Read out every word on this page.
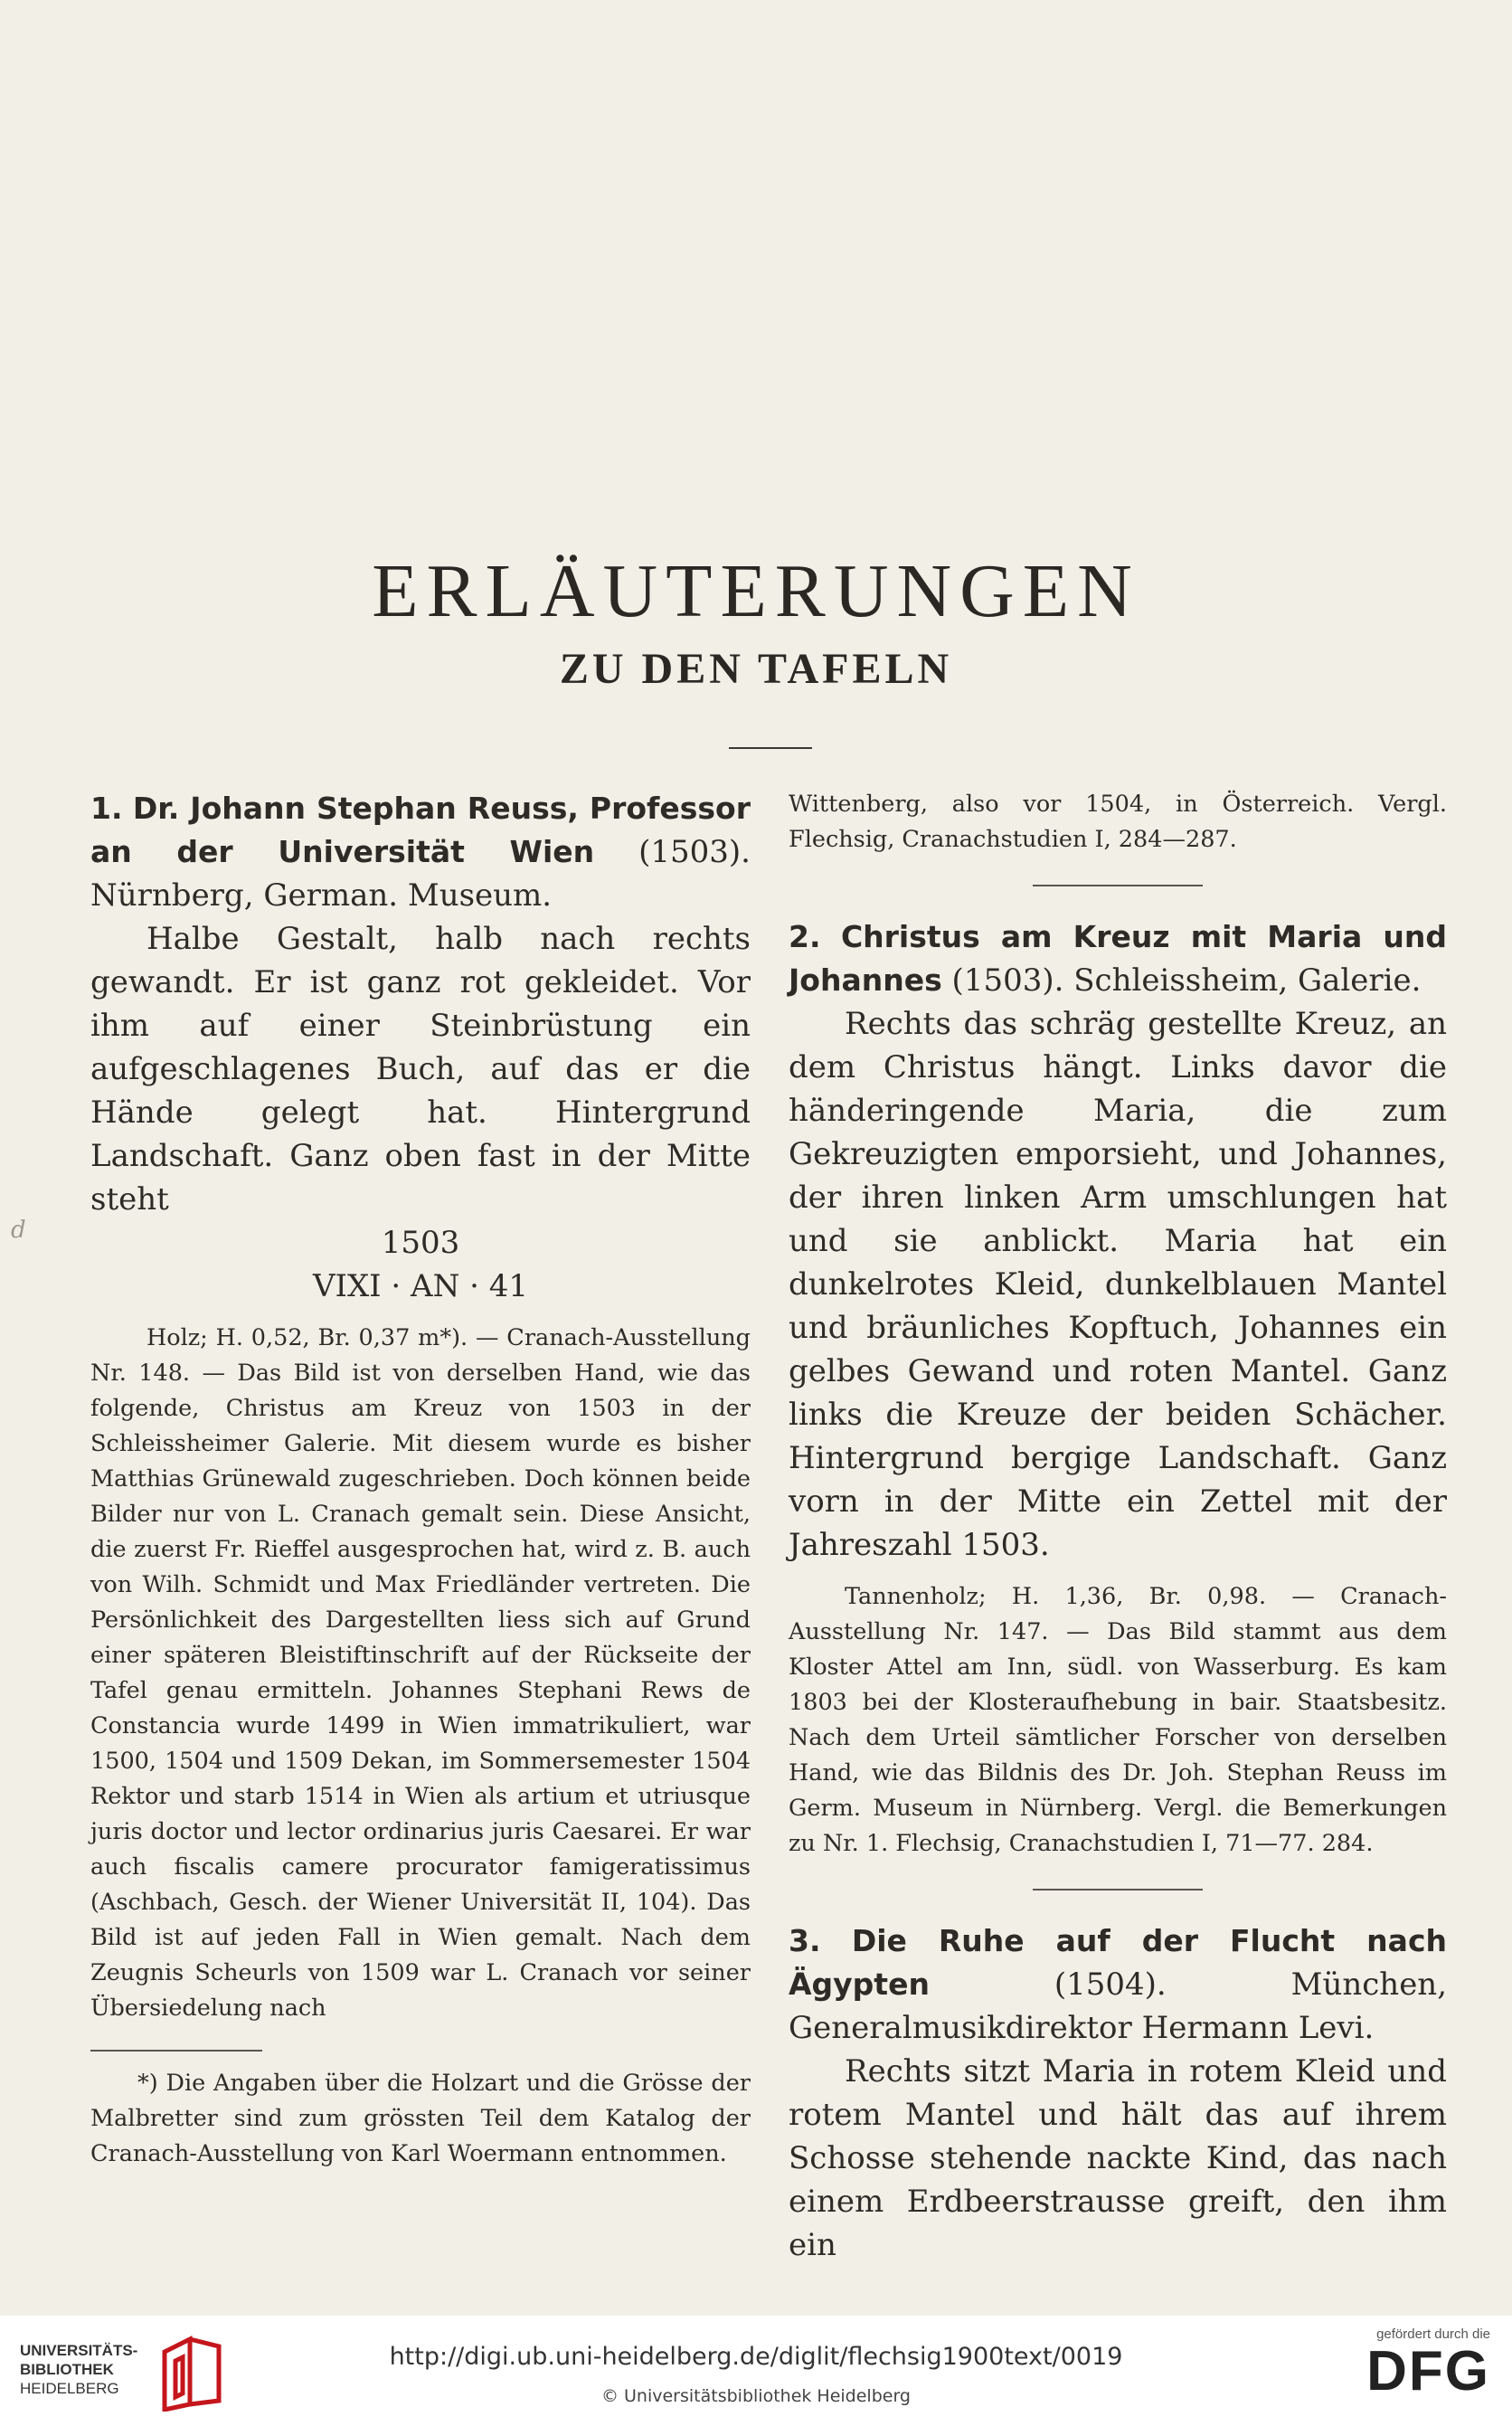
d
ERLÄUTERUNGEN
ZU DEN TAFELN

1. Dr. Johann Stephan Reuss, Professor an der Universität Wien (1503). Nürnberg, German. Museum.

Halbe Gestalt, halb nach rechts gewandt. Er ist ganz rot gekleidet. Vor ihm auf einer Steinbrüstung ein aufgeschlagenes Buch, auf das er die Hände gelegt hat. Hintergrund Landschaft. Ganz oben fast in der Mitte steht

1503

VIXI · AN · 41

Holz; H. 0,52, Br. 0,37 m*). — Cranach-Ausstellung Nr. 148. — Das Bild ist von derselben Hand, wie das folgende, Christus am Kreuz von 1503 in der Schleissheimer Galerie. Mit diesem wurde es bisher Matthias Grünewald zugeschrieben. Doch können beide Bilder nur von L. Cranach gemalt sein. Diese Ansicht, die zuerst Fr. Rieffel ausgesprochen hat, wird z. B. auch von Wilh. Schmidt und Max Friedländer vertreten. Die Persönlichkeit des Dargestellten liess sich auf Grund einer späteren Bleistiftinschrift auf der Rückseite der Tafel genau ermitteln. Johannes Stephani Rews de Constancia wurde 1499 in Wien immatrikuliert, war 1500, 1504 und 1509 Dekan, im Sommersemester 1504 Rektor und starb 1514 in Wien als artium et utriusque juris doctor und lector ordinarius juris Caesarei. Er war auch fiscalis camere procurator famigeratissimus (Aschbach, Gesch. der Wiener Universität II, 104). Das Bild ist auf jeden Fall in Wien gemalt. Nach dem Zeugnis Scheurls von 1509 war L. Cranach vor seiner Übersiedelung nach

*) Die Angaben über die Holzart und die Grösse der Malbretter sind zum grössten Teil dem Katalog der Cranach-Ausstellung von Karl Woermann entnommen.

Wittenberg, also vor 1504, in Österreich. Vergl. Flechsig, Cranachstudien I, 284—287.

2. Christus am Kreuz mit Maria und Johannes (1503). Schleissheim, Galerie.

Rechts das schräg gestellte Kreuz, an dem Christus hängt. Links davor die händeringende Maria, die zum Gekreuzigten emporsieht, und Johannes, der ihren linken Arm umschlungen hat und sie anblickt. Maria hat ein dunkelrotes Kleid, dunkelblauen Mantel und bräunliches Kopftuch, Johannes ein gelbes Gewand und roten Mantel. Ganz links die Kreuze der beiden Schächer. Hintergrund bergige Landschaft. Ganz vorn in der Mitte ein Zettel mit der Jahreszahl 1503.

Tannenholz; H. 1,36, Br. 0,98. — Cranach-Ausstellung Nr. 147. — Das Bild stammt aus dem Kloster Attel am Inn, südl. von Wasserburg. Es kam 1803 bei der Klosteraufhebung in bair. Staatsbesitz. Nach dem Urteil sämtlicher Forscher von derselben Hand, wie das Bildnis des Dr. Joh. Stephan Reuss im Germ. Museum in Nürnberg. Vergl. die Bemerkungen zu Nr. 1. Flechsig, Cranachstudien I, 71—77. 284.

3. Die Ruhe auf der Flucht nach Ägypten	(1504).	München, Generalmusikdirektor Hermann Levi.

Rechts sitzt Maria in rotem Kleid und rotem Mantel und hält das auf ihrem Schosse stehende nackte Kind, das nach einem Erdbeerstrausse greift, den ihm ein

UNIVERSITÄTS-
BIBLIOTHEK
HEIDELBERG
http://digi.ub.uni-heidelberg.de/diglit/flechsig1900text/0019
© Universitätsbibliothek Heidelberg
gefördert durch die
DFG
